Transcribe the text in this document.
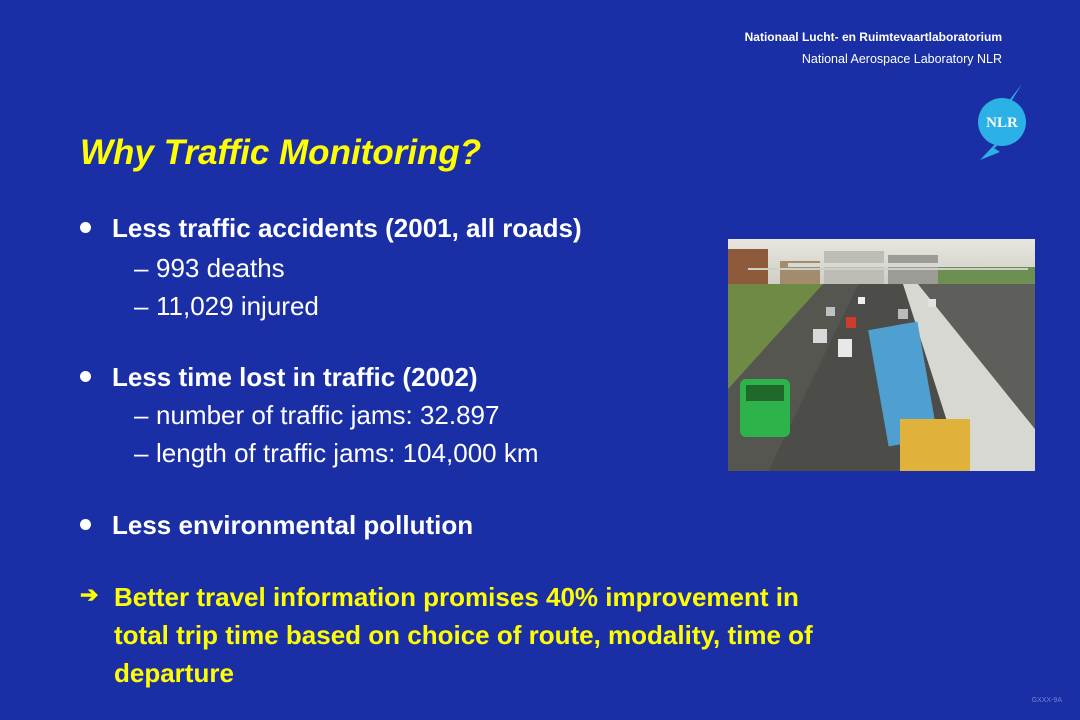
Nationaal Lucht- en Ruimtevaartlaboratorium
National Aerospace Laboratory NLR
NLR
Why Traffic Monitoring?
Less traffic accidents (2001, all roads)
– 993 deaths
– 11,029 injured
Less time lost in traffic (2002)
– number of traffic jams: 32.897
– length of traffic jams: 104,000 km
Less environmental pollution
➔ Better travel information promises 40% improvement in
total trip time based on choice of route, modality, time of
departure
GXXX-9A
